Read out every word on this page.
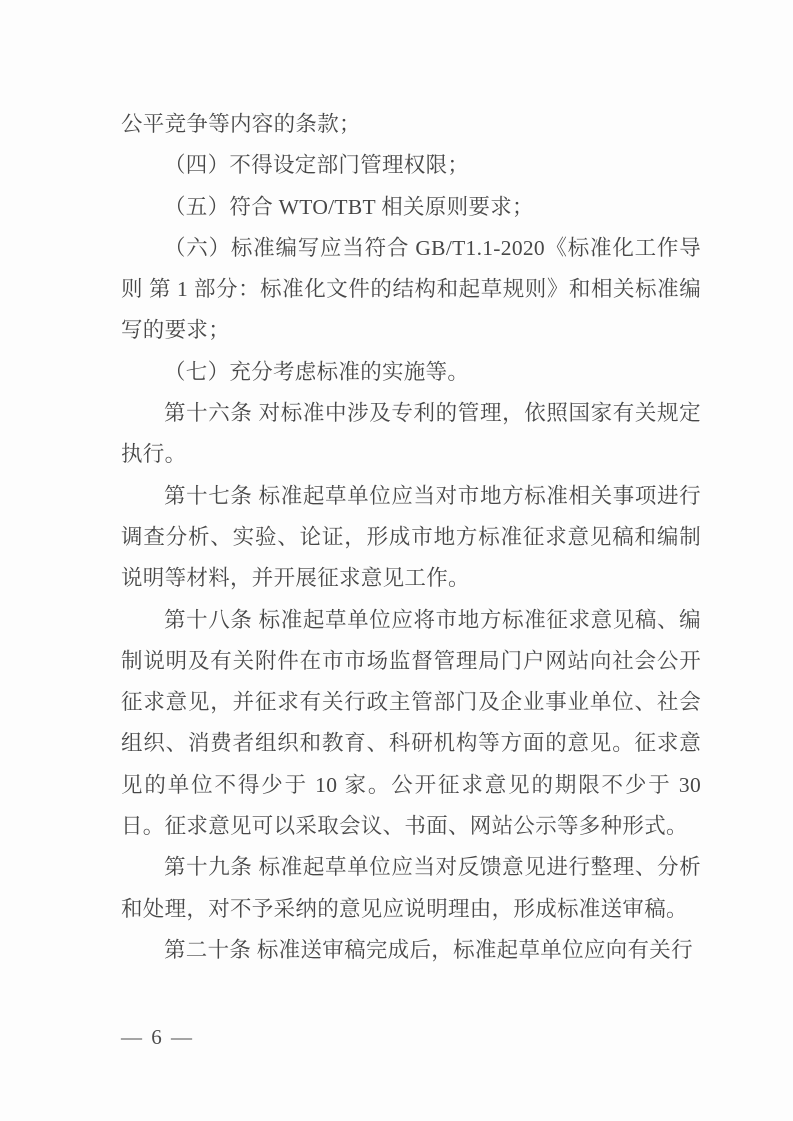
公平竞争等内容的条款；

（四）不得设定部门管理权限；

（五）符合 WTO/TBT 相关原则要求；

（六）标准编写应当符合 GB/T1.1-2020《标准化工作导则 第 1 部分：标准化文件的结构和起草规则》和相关标准编写的要求；

（七）充分考虑标准的实施等。

第十六条 对标准中涉及专利的管理，依照国家有关规定执行。

第十七条 标准起草单位应当对市地方标准相关事项进行调查分析、实验、论证，形成市地方标准征求意见稿和编制说明等材料，并开展征求意见工作。

第十八条 标准起草单位应将市地方标准征求意见稿、编制说明及有关附件在市市场监督管理局门户网站向社会公开征求意见，并征求有关行政主管部门及企业事业单位、社会组织、消费者组织和教育、科研机构等方面的意见。征求意见的单位不得少于 10 家。公开征求意见的期限不少于 30 日。征求意见可以采取会议、书面、网站公示等多种形式。

第十九条 标准起草单位应当对反馈意见进行整理、分析和处理，对不予采纳的意见应说明理由，形成标准送审稿。

第二十条 标准送审稿完成后，标准起草单位应向有关行

— 6 —
